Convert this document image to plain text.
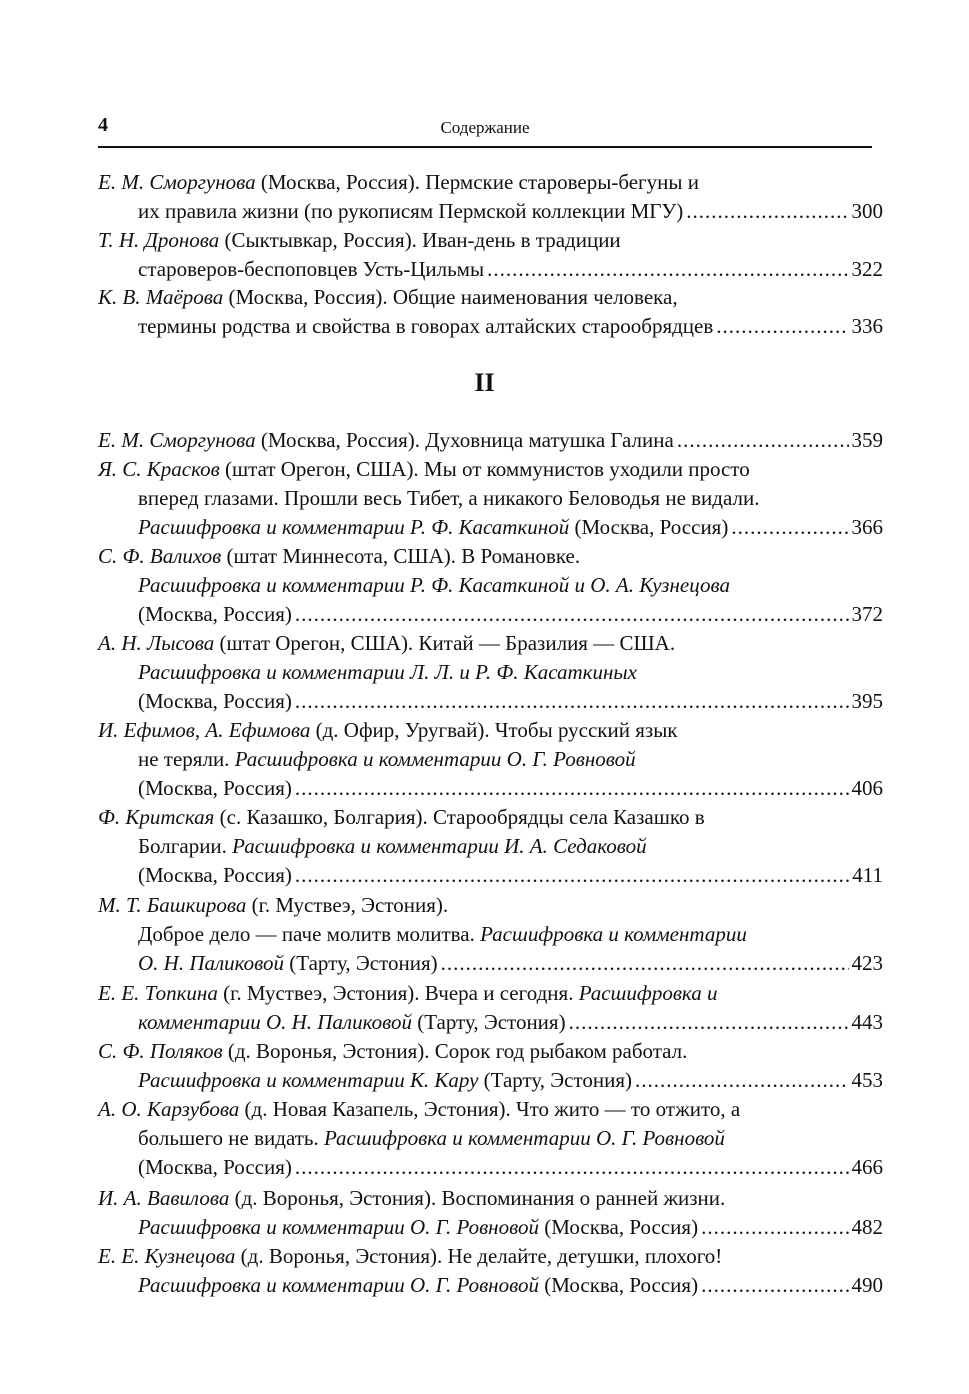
4	Содержание
II
Е. М. Сморгунова (Москва, Россия). Пермские староверы-бегуны и
их правила жизни (по рукописям Пермской коллекции МГУ) .....	300
Т. Н. Дронова (Сыктывкар, Россия). Иван-день в традиции
староверов-беспоповцев Усть-Цильмы .....	322
К. В. Маёрова (Москва, Россия). Общие наименования человека,
термины родства и свойства в говорах алтайских старообрядцев .....	336
Е. М. Сморгунова (Москва, Россия). Духовница матушка Галина .....	359
Я. С. Красков (штат Орегон, США). Мы от коммунистов уходили просто
вперед глазами. Прошли весь Тибет, а никакого Беловодья не видали.
Расшифровка и комментарии Р. Ф. Касаткиной (Москва, Россия) .....	366
С. Ф. Валихов (штат Миннесота, США). В Романовке.
Расшифровка и комментарии Р. Ф. Касаткиной и О. А. Кузнецова
(Москва, Россия) .....	372
А. Н. Лысова (штат Орегон, США). Китай — Бразилия — США.
Расшифровка и комментарии Л. Л. и Р. Ф. Касаткиных
(Москва, Россия) .....	395
И. Ефимов, А. Ефимова (д. Офир, Уругвай). Чтобы русский язык
не теряли. Расшифровка и комментарии О. Г. Ровновой
(Москва, Россия) .....	406
Ф. Критская (с. Казашко, Болгария). Старообрядцы села Казашко в
Болгарии. Расшифровка и комментарии И. А. Седаковой
(Москва, Россия) .....	411
М. Т. Башкирова (г. Муствеэ, Эстония).
Доброе дело — паче молитв молитва. Расшифровка и комментарии
О. Н. Паликовой (Тарту, Эстония) .....	423
Е. Е. Топкина (г. Муствеэ, Эстония). Вчера и сегодня. Расшифровка и
комментарии О. Н. Паликовой (Тарту, Эстония) .....	443
С. Ф. Поляков (д. Воронья, Эстония). Сорок год рыбаком работал.
Расшифровка и комментарии К. Кару (Тарту, Эстония) .....	453
А. О. Карзубова (д. Новая Казапель, Эстония). Что жито — то отжито, а
большего не видать. Расшифровка и комментарии О. Г. Ровновой
(Москва, Россия) .....	466
И. А. Вавилова (д. Воронья, Эстония). Воспоминания о ранней жизни.
Расшифровка и комментарии О. Г. Ровновой (Москва, Россия) .....	482
Е. Е. Кузнецова (д. Воронья, Эстония). Не делайте, детушки, плохого!
Расшифровка и комментарии О. Г. Ровновой (Москва, Россия) .....	490
